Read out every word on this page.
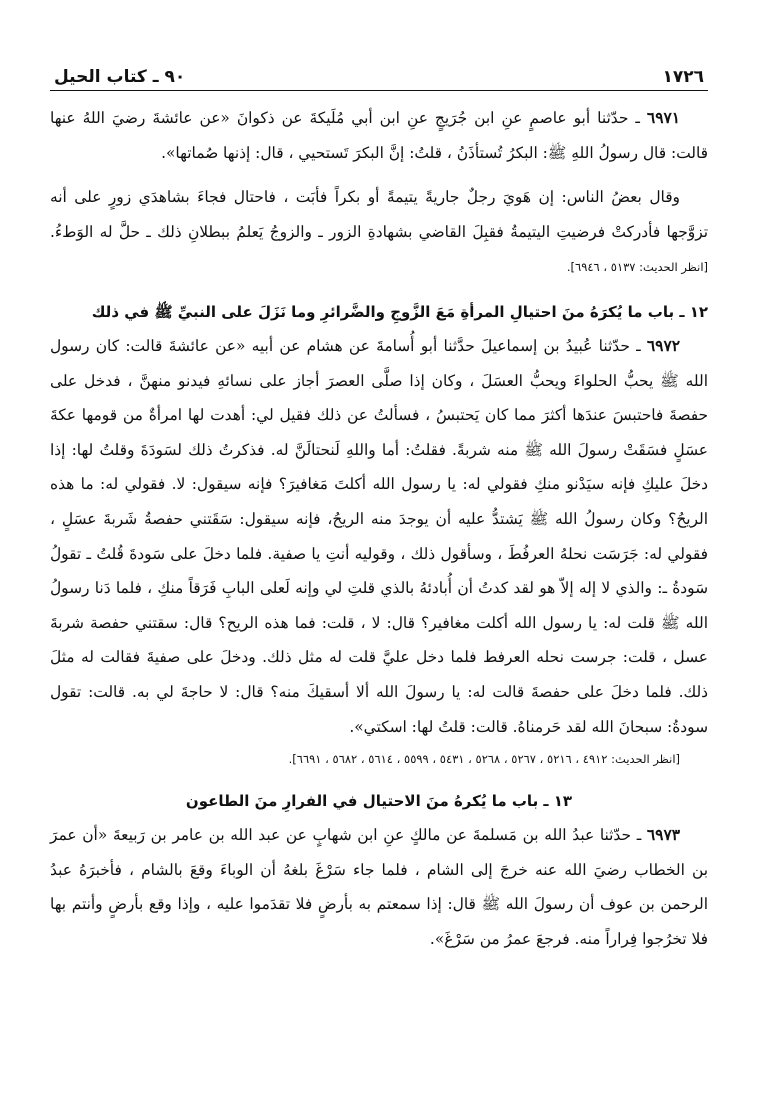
١٧٢٦
٩٠ ـ كتاب الحيل

٦٩٧١ ـ حدّثنا أبو عاصمٍ عنِ ابن جُرَيجٍ عنِ ابن أبي مُلَيكةَ عن ذكوانَ «عن عائشةَ رضيَ اللهُ عنها قالت: قال رسولُ اللهِ ﷺ: البكرُ تُستأذَنُ ، قلتُ: إنَّ البكرَ تَستحيي ، قال: إذنها صُماتها».

وقال بعضُ الناس: إن هَويَ رجلٌ جاريةً يتيمةً أو بكراً فأبَت ، فاحتال فجاءَ بشاهدَي زورٍ على أنه تزوَّجها فأدركتْ فرضيتِ اليتيمةُ فقبِلَ القاضي بشهادةِ الزور ـ والزوجُ يَعلمُ ببطلانِ ذلك ـ حلَّ له الوَطءُ. [انظر الحديث: ٥١٣٧ ، ٦٩٤٦].

١٢ ـ باب ما يُكرَهُ منَ احتيالِ المرأةِ مَعَ الزَّوجِ والضَّرائرِ وما نَزَلَ على النبيِّ ﷺ في ذلك

٦٩٧٢ ـ حدّثنا عُبيدُ بن إسماعيلَ حدَّثنا أبو أُسامةَ عن هشام عن أبيه «عن عائشةَ قالت: كان رسول الله ﷺ يحبُّ الحلواءَ ويحبُّ العسَلَ ، وكان إذا صلَّى العصرَ أجاز على نسائهِ فيدنو منهنَّ ، فدخل على حفصةَ فاحتبسَ عندَها أكثرَ مما كان يَحتبسُ ، فسألتُ عن ذلك فقيل لي: أهدت لها امرأةٌ من قومها عكةَ عسَلٍ فسَقَتْ رسولَ الله ﷺ منه شربةً. فقلتُ: أما واللهِ لَنحتالَنَّ له. فذكرتُ ذلك لسَودَةَ وقلتُ لها: إذا دخلَ عليكِ فإنه سيَدْنو منكِ فقولي له: يا رسول الله أكلتَ مَغافيرَ؟ فإنه سيقول: لا. فقولي له: ما هذه الريحُ؟ وكان رسولُ الله ﷺ يَشتدُّ عليه أن يوجدَ منه الريحُ، فإنه سيقول: سَقَتني حفصةُ شَربةَ عسَلٍ ، فقولي له: جَرَسَت نحلهُ العرفُطَ ، وسأقول ذلك ، وقوليه أنتِ يا صفية. فلما دخلَ على سَودةَ قُلتُ ـ تقولُ سَودةُ ـ: والذي لا إله إلاّ هو لقد كدتُ أن أُبادئهُ بالذي قلتِ لي وإنه لَعلى البابِ فَرَقاً منكِ ، فلما دَنا رسولُ الله ﷺ قلت له: يا رسول الله أكلت مغافير؟ قال: لا ، قلت: فما هذه الريح؟ قال: سقتني حفصة شربةَ عسل ، قلت: جرست نحله العرفط فلما دخل عليَّ قلت له مثل ذلك. ودخلَ على صفيةَ فقالت له مثلَ ذلك. فلما دخلَ على حفصةَ قالت له: يا رسولَ الله ألا أسقيكَ منه؟ قال: لا حاجةَ لي به. قالت: تقول سودةُ: سبحانَ الله لقد حَرمناهُ. قالت: قلتُ لها: اسكتي».

[انظر الحديث: ٤٩١٢ ، ٥٢١٦ ، ٥٢٦٧ ، ٥٢٦٨ ، ٥٤٣١ ، ٥٥٩٩ ، ٥٦١٤ ، ٥٦٨٢ ، ٦٦٩١].

١٣ ـ باب ما يُكرهُ منَ الاحتيال في الفرارِ منَ الطاعون

٦٩٧٣ ـ حدّثنا عبدُ الله بن مَسلمةَ عن مالكٍ عنِ ابن شهابٍ عن عبد الله بن عامر بن رَبيعةَ «أن عمرَ بن الخطاب رضيَ الله عنه خرجَ إلى الشام ، فلما جاء سَرْغَ بلغهُ أن الوباءَ وقعَ بالشام ، فأخبرَهُ عبدُ الرحمن بن عوف أن رسولَ الله ﷺ قال: إذا سمعتم به بأرضٍ فلا تقدَموا عليه ، وإذا وقع بأرضٍ وأنتم بها فلا تخرُجوا فِراراً منه. فرجعَ عمرُ من سَرْغَ».
